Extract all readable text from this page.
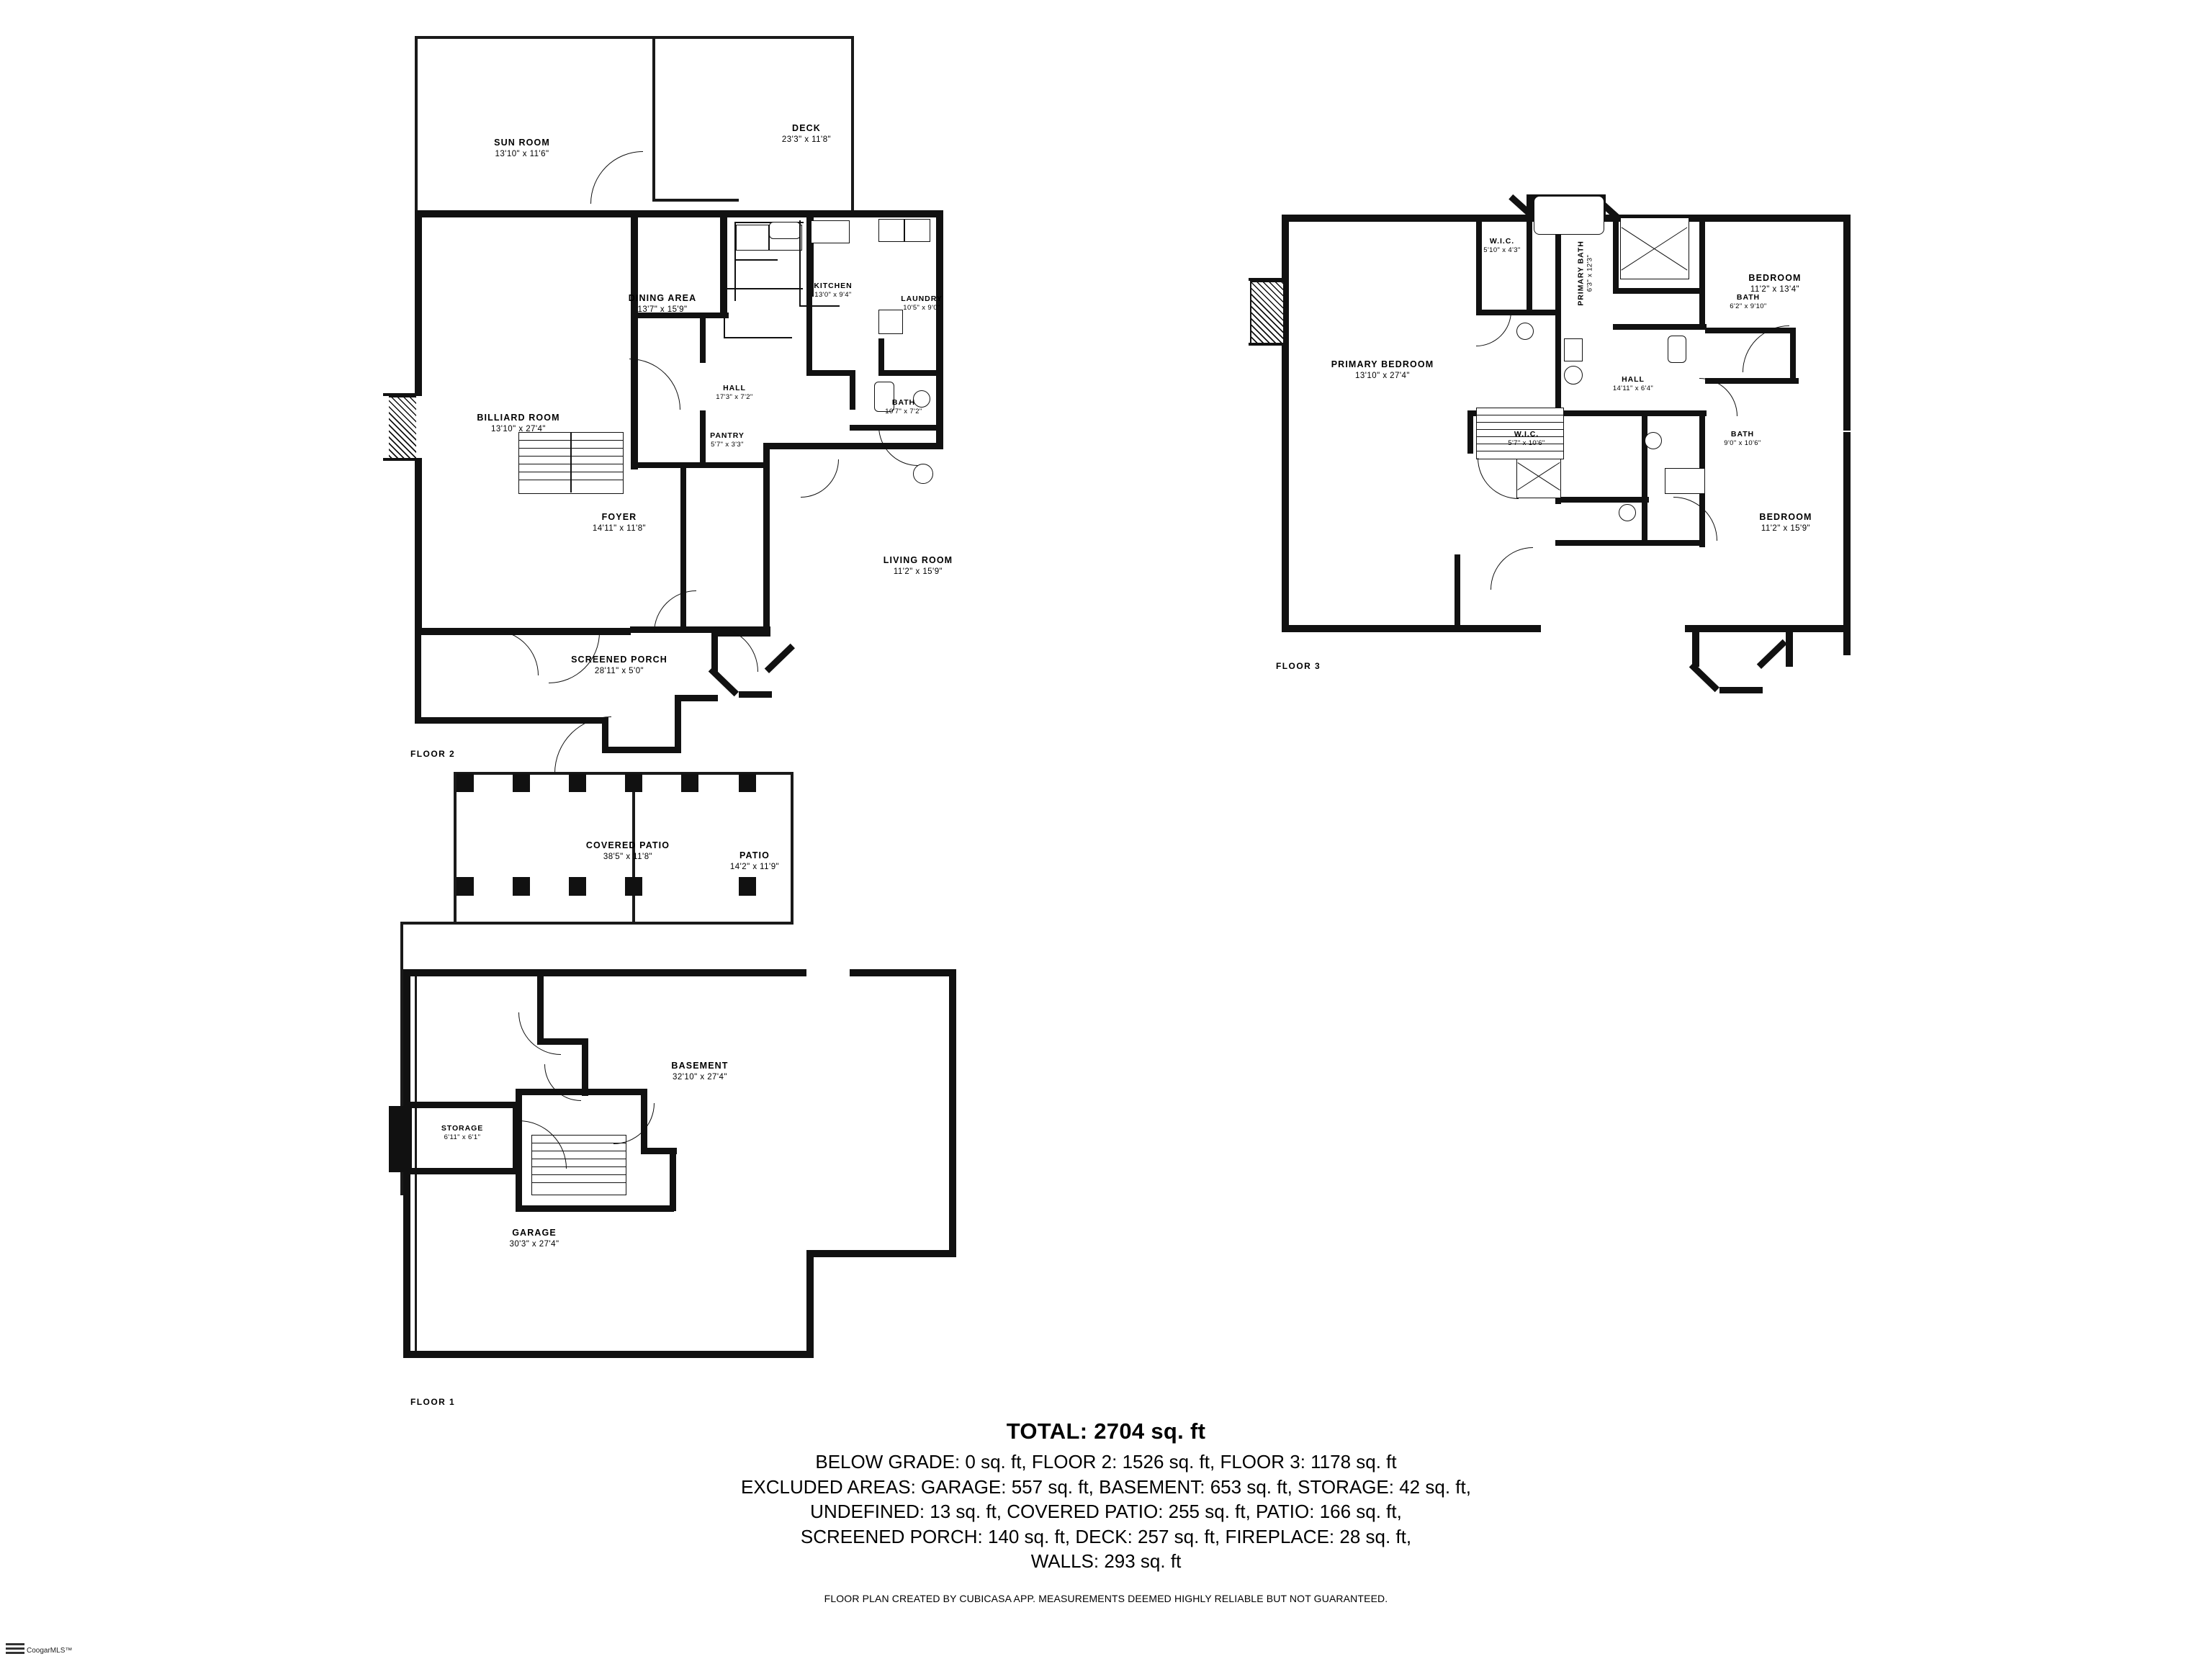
SUN ROOM
13'10" x 11'6"
DECK
23'3" x 11'8"
DINING AREA
13'7" x 15'9"
KITCHEN
13'0" x 9'4"	LAUNDRY
10'5" x 9'0"
BILLIARD ROOM
13'10" x 27'4"
HALL
17'3" x 7'2"
BATH
10'7" x 7'2"
PANTRY
5'7" x 3'3"
FOYER
14'11" x 11'8"
LIVING ROOM
11'2" x 15'9"
SCREENED PORCH
28'11" x 5'0"
FLOOR 2
W.I.C.
5'10" x 4'3"	PRIMARY BATH 6'3" x 12'3"
BATH
6'2" x 9'10"
BEDROOM
11'2" x 13'4"
PRIMARY BEDROOM
13'10" x 27'4"	HALL
14'11" x 6'4"
W.I.C.
5'7" x 10'6"
BATH
9'0" x 10'6"
BEDROOM
11'2" x 15'9"
FLOOR 3
COVERED PATIO
38'5" x 11'8"	PATIO
14'2" x 11'9"
BASEMENT
32'10" x 27'4"
STORAGE
6'11" x 6'1"
GARAGE
30'3" x 27'4"
FLOOR 1
TOTAL: 2704 sq. ft
BELOW GRADE: 0 sq. ft, FLOOR 2: 1526 sq. ft, FLOOR 3: 1178 sq. ft
EXCLUDED AREAS: GARAGE: 557 sq. ft, BASEMENT: 653 sq. ft, STORAGE: 42 sq. ft,
UNDEFINED: 13 sq. ft, COVERED PATIO: 255 sq. ft, PATIO: 166 sq. ft,
SCREENED PORCH: 140 sq. ft, DECK: 257 sq. ft, FIREPLACE: 28 sq. ft,
WALLS: 293 sq. ft
FLOOR PLAN CREATED BY CUBICASA APP. MEASUREMENTS DEEMED HIGHLY RELIABLE BUT NOT GUARANTEED.
CoogarMLS™
